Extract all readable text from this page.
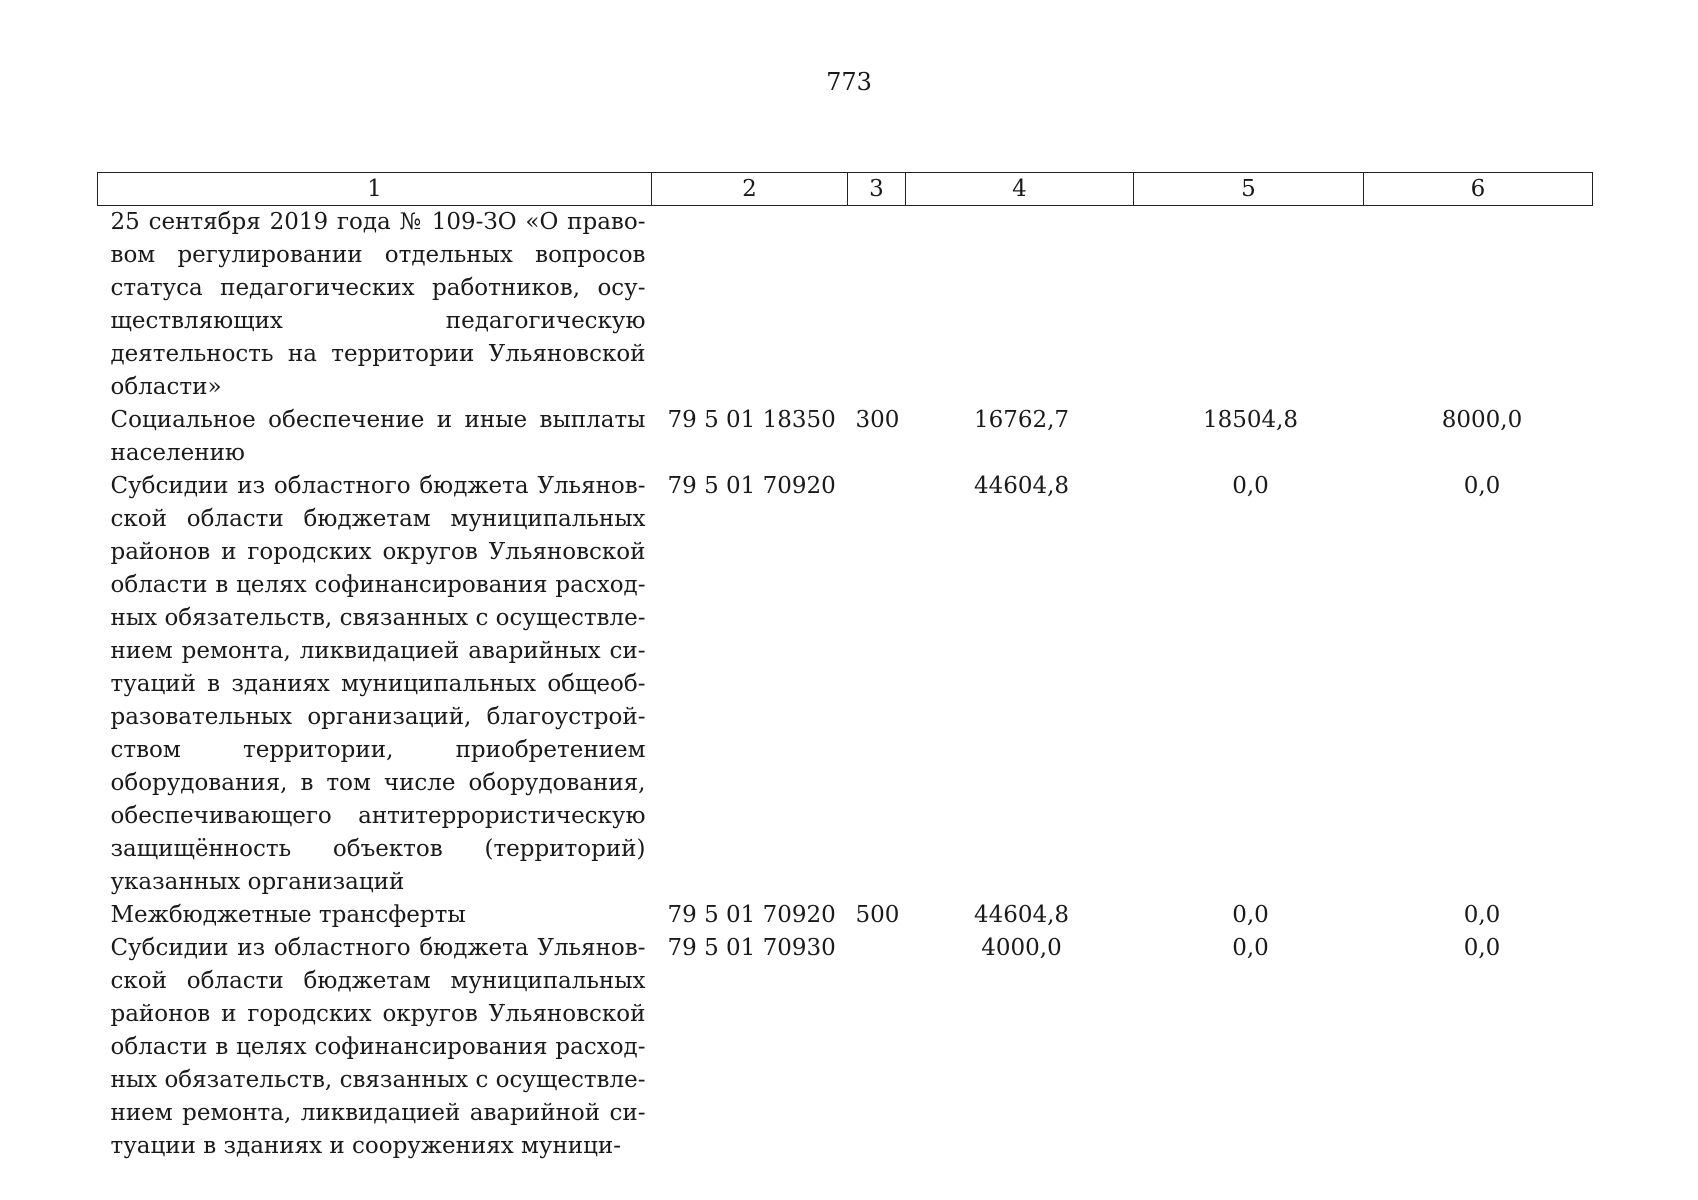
773
1	2	3	4	5	6
25 сентября 2019 года № 109-ЗО «О правовом регулировании отдельных вопросов статуса педагогических работников, осуществляющих педагогическую деятельность на территории Ульяновской области»					
Социальное обеспечение и иные выплаты населению	79 5 01 18350	300	16762,7	18504,8	8000,0
Субсидии из областного бюджета Ульяновской области бюджетам муниципальных районов и городских округов Ульяновской области в целях софинансирования расходных обязательств, связанных с осуществлением ремонта, ликвидацией аварийных ситуаций в зданиях муниципальных общеобразовательных организаций, благоустройством территории, приобретением оборудования, в том числе оборудования, обеспечивающего антитеррористическую защищённость объектов (территорий) указанных организаций	79 5 01 70920		44604,8	0,0	0,0
Межбюджетные трансферты	79 5 01 70920	500	44604,8	0,0	0,0
Субсидии из областного бюджета Ульяновской области бюджетам муниципальных районов и городских округов Ульяновской области в целях софинансирования расходных обязательств, связанных с осуществлением ремонта, ликвидацией аварийной ситуации в зданиях и сооружениях муници-	79 5 01 70930		4000,0	0,0	0,0
